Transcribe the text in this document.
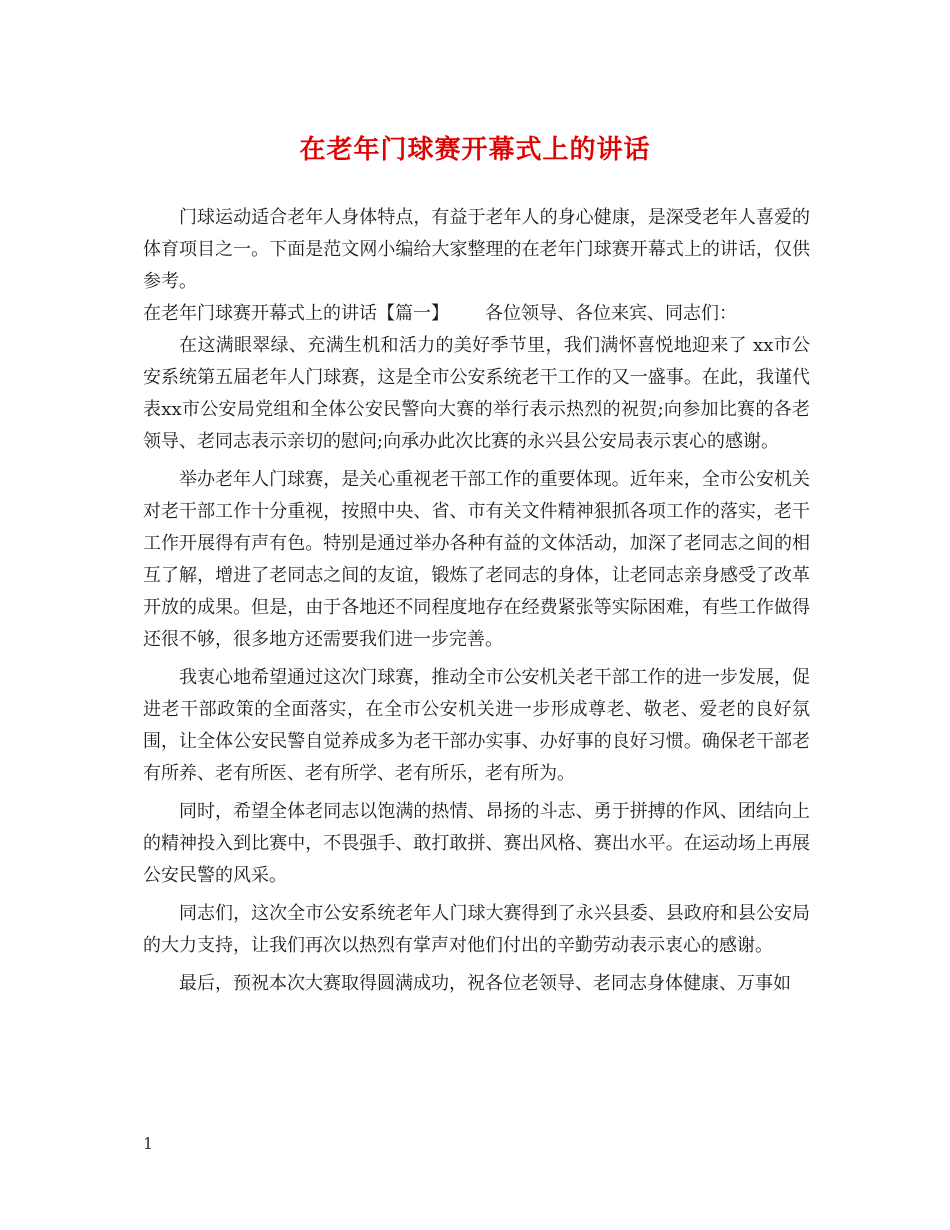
在老年门球赛开幕式上的讲话

门球运动适合老年人身体特点，有益于老年人的身心健康，是深受老年人喜爱的体育项目之一。下面是范文网小编给大家整理的在老年门球赛开幕式上的讲话，仅供参考。

在老年门球赛开幕式上的讲话【篇一】 各位领导、各位来宾、同志们：

在这满眼翠绿、充满生机和活力的美好季节里，我们满怀喜悦地迎来了 xx市公安系统第五届老年人门球赛，这是全市公安系统老干工作的又一盛事。在此，我谨代表xx市公安局党组和全体公安民警向大赛的举行表示热烈的祝贺;向参加比赛的各老领导、老同志表示亲切的慰问;向承办此次比赛的永兴县公安局表示衷心的感谢。

举办老年人门球赛，是关心重视老干部工作的重要体现。近年来，全市公安机关对老干部工作十分重视，按照中央、省、市有关文件精神狠抓各项工作的落实，老干工作开展得有声有色。特别是通过举办各种有益的文体活动，加深了老同志之间的相互了解，增进了老同志之间的友谊，锻炼了老同志的身体，让老同志亲身感受了改革开放的成果。但是，由于各地还不同程度地存在经费紧张等实际困难，有些工作做得还很不够，很多地方还需要我们进一步完善。

我衷心地希望通过这次门球赛，推动全市公安机关老干部工作的进一步发展，促进老干部政策的全面落实，在全市公安机关进一步形成尊老、敬老、爱老的良好氛围，让全体公安民警自觉养成多为老干部办实事、办好事的良好习惯。确保老干部老有所养、老有所医、老有所学、老有所乐，老有所为。

同时，希望全体老同志以饱满的热情、昂扬的斗志、勇于拼搏的作风、团结向上的精神投入到比赛中，不畏强手、敢打敢拼、赛出风格、赛出水平。在运动场上再展公安民警的风采。

同志们，这次全市公安系统老年人门球大赛得到了永兴县委、县政府和县公安局的大力支持，让我们再次以热烈有掌声对他们付出的辛勤劳动表示衷心的感谢。

最后，预祝本次大赛取得圆满成功，祝各位老领导、老同志身体健康、万事如

1
